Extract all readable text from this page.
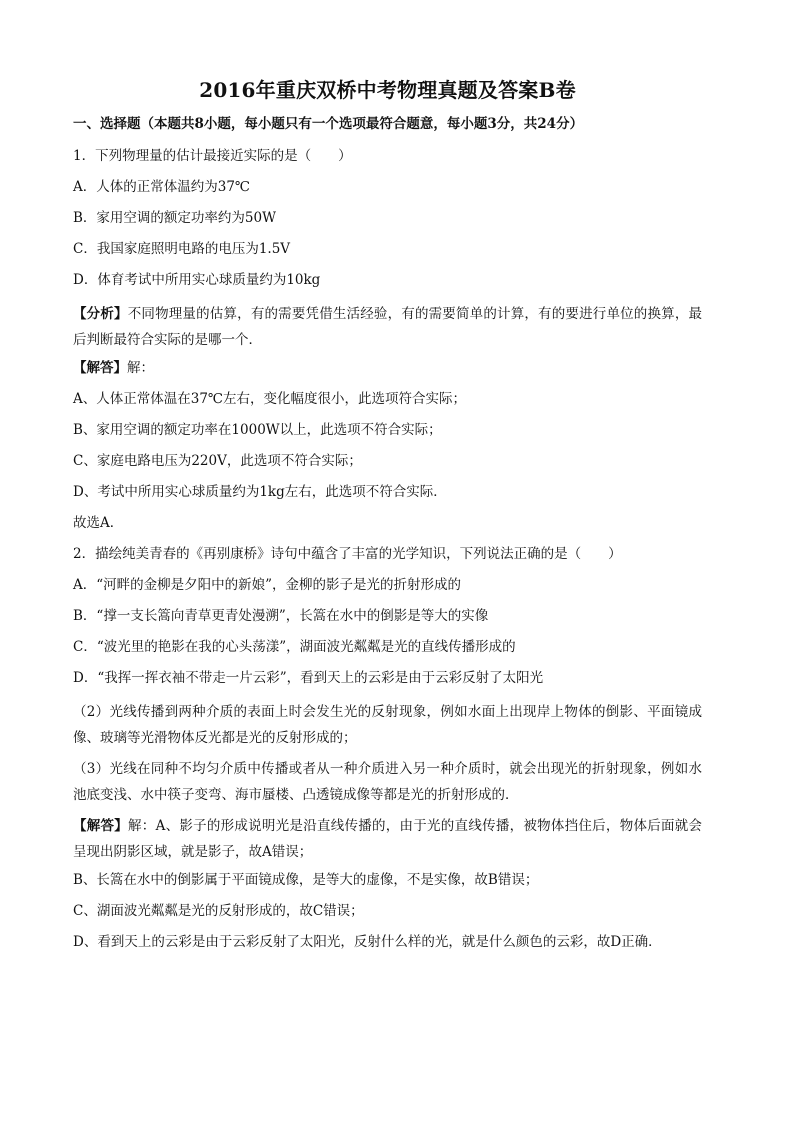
2016年重庆双桥中考物理真题及答案B卷
一、选择题（本题共8小题，每小题只有一个选项最符合题意，每小题3分，共24分）
1．下列物理量的估计最接近实际的是（　　）
A．人体的正常体温约为37℃
B．家用空调的额定功率约为50W
C．我国家庭照明电路的电压为1.5V
D．体育考试中所用实心球质量约为10kg
【分析】不同物理量的估算，有的需要凭借生活经验，有的需要简单的计算，有的要进行单位的换算，最后判断最符合实际的是哪一个．
【解答】解：
A、人体正常体温在37℃左右，变化幅度很小，此选项符合实际；
B、家用空调的额定功率在1000W以上，此选项不符合实际；
C、家庭电路电压为220V，此选项不符合实际；
D、考试中所用实心球质量约为1kg左右，此选项不符合实际．
故选A．
2．描绘纯美青春的《再别康桥》诗句中蕴含了丰富的光学知识，下列说法正确的是（　　）
A．“河畔的金柳是夕阳中的新娘”，金柳的影子是光的折射形成的
B．“撑一支长篙向青草更青处漫溯”，长篙在水中的倒影是等大的实像
C．“波光里的艳影在我的心头荡漾”，湖面波光粼粼是光的直线传播形成的
D．“我挥一挥衣袖不带走一片云彩”，看到天上的云彩是由于云彩反射了太阳光
（2）光线传播到两种介质的表面上时会发生光的反射现象，例如水面上出现岸上物体的倒影、平面镜成像、玻璃等光滑物体反光都是光的反射形成的；
（3）光线在同种不均匀介质中传播或者从一种介质进入另一种介质时，就会出现光的折射现象，例如水池底变浅、水中筷子变弯、海市蜃楼、凸透镜成像等都是光的折射形成的．
【解答】解：A、影子的形成说明光是沿直线传播的，由于光的直线传播，被物体挡住后，物体后面就会呈现出阴影区域，就是影子，故A错误；
B、长篙在水中的倒影属于平面镜成像，是等大的虚像，不是实像，故B错误；
C、湖面波光粼粼是光的反射形成的，故C错误；
D、看到天上的云彩是由于云彩反射了太阳光，反射什么样的光，就是什么颜色的云彩，故D正确．
